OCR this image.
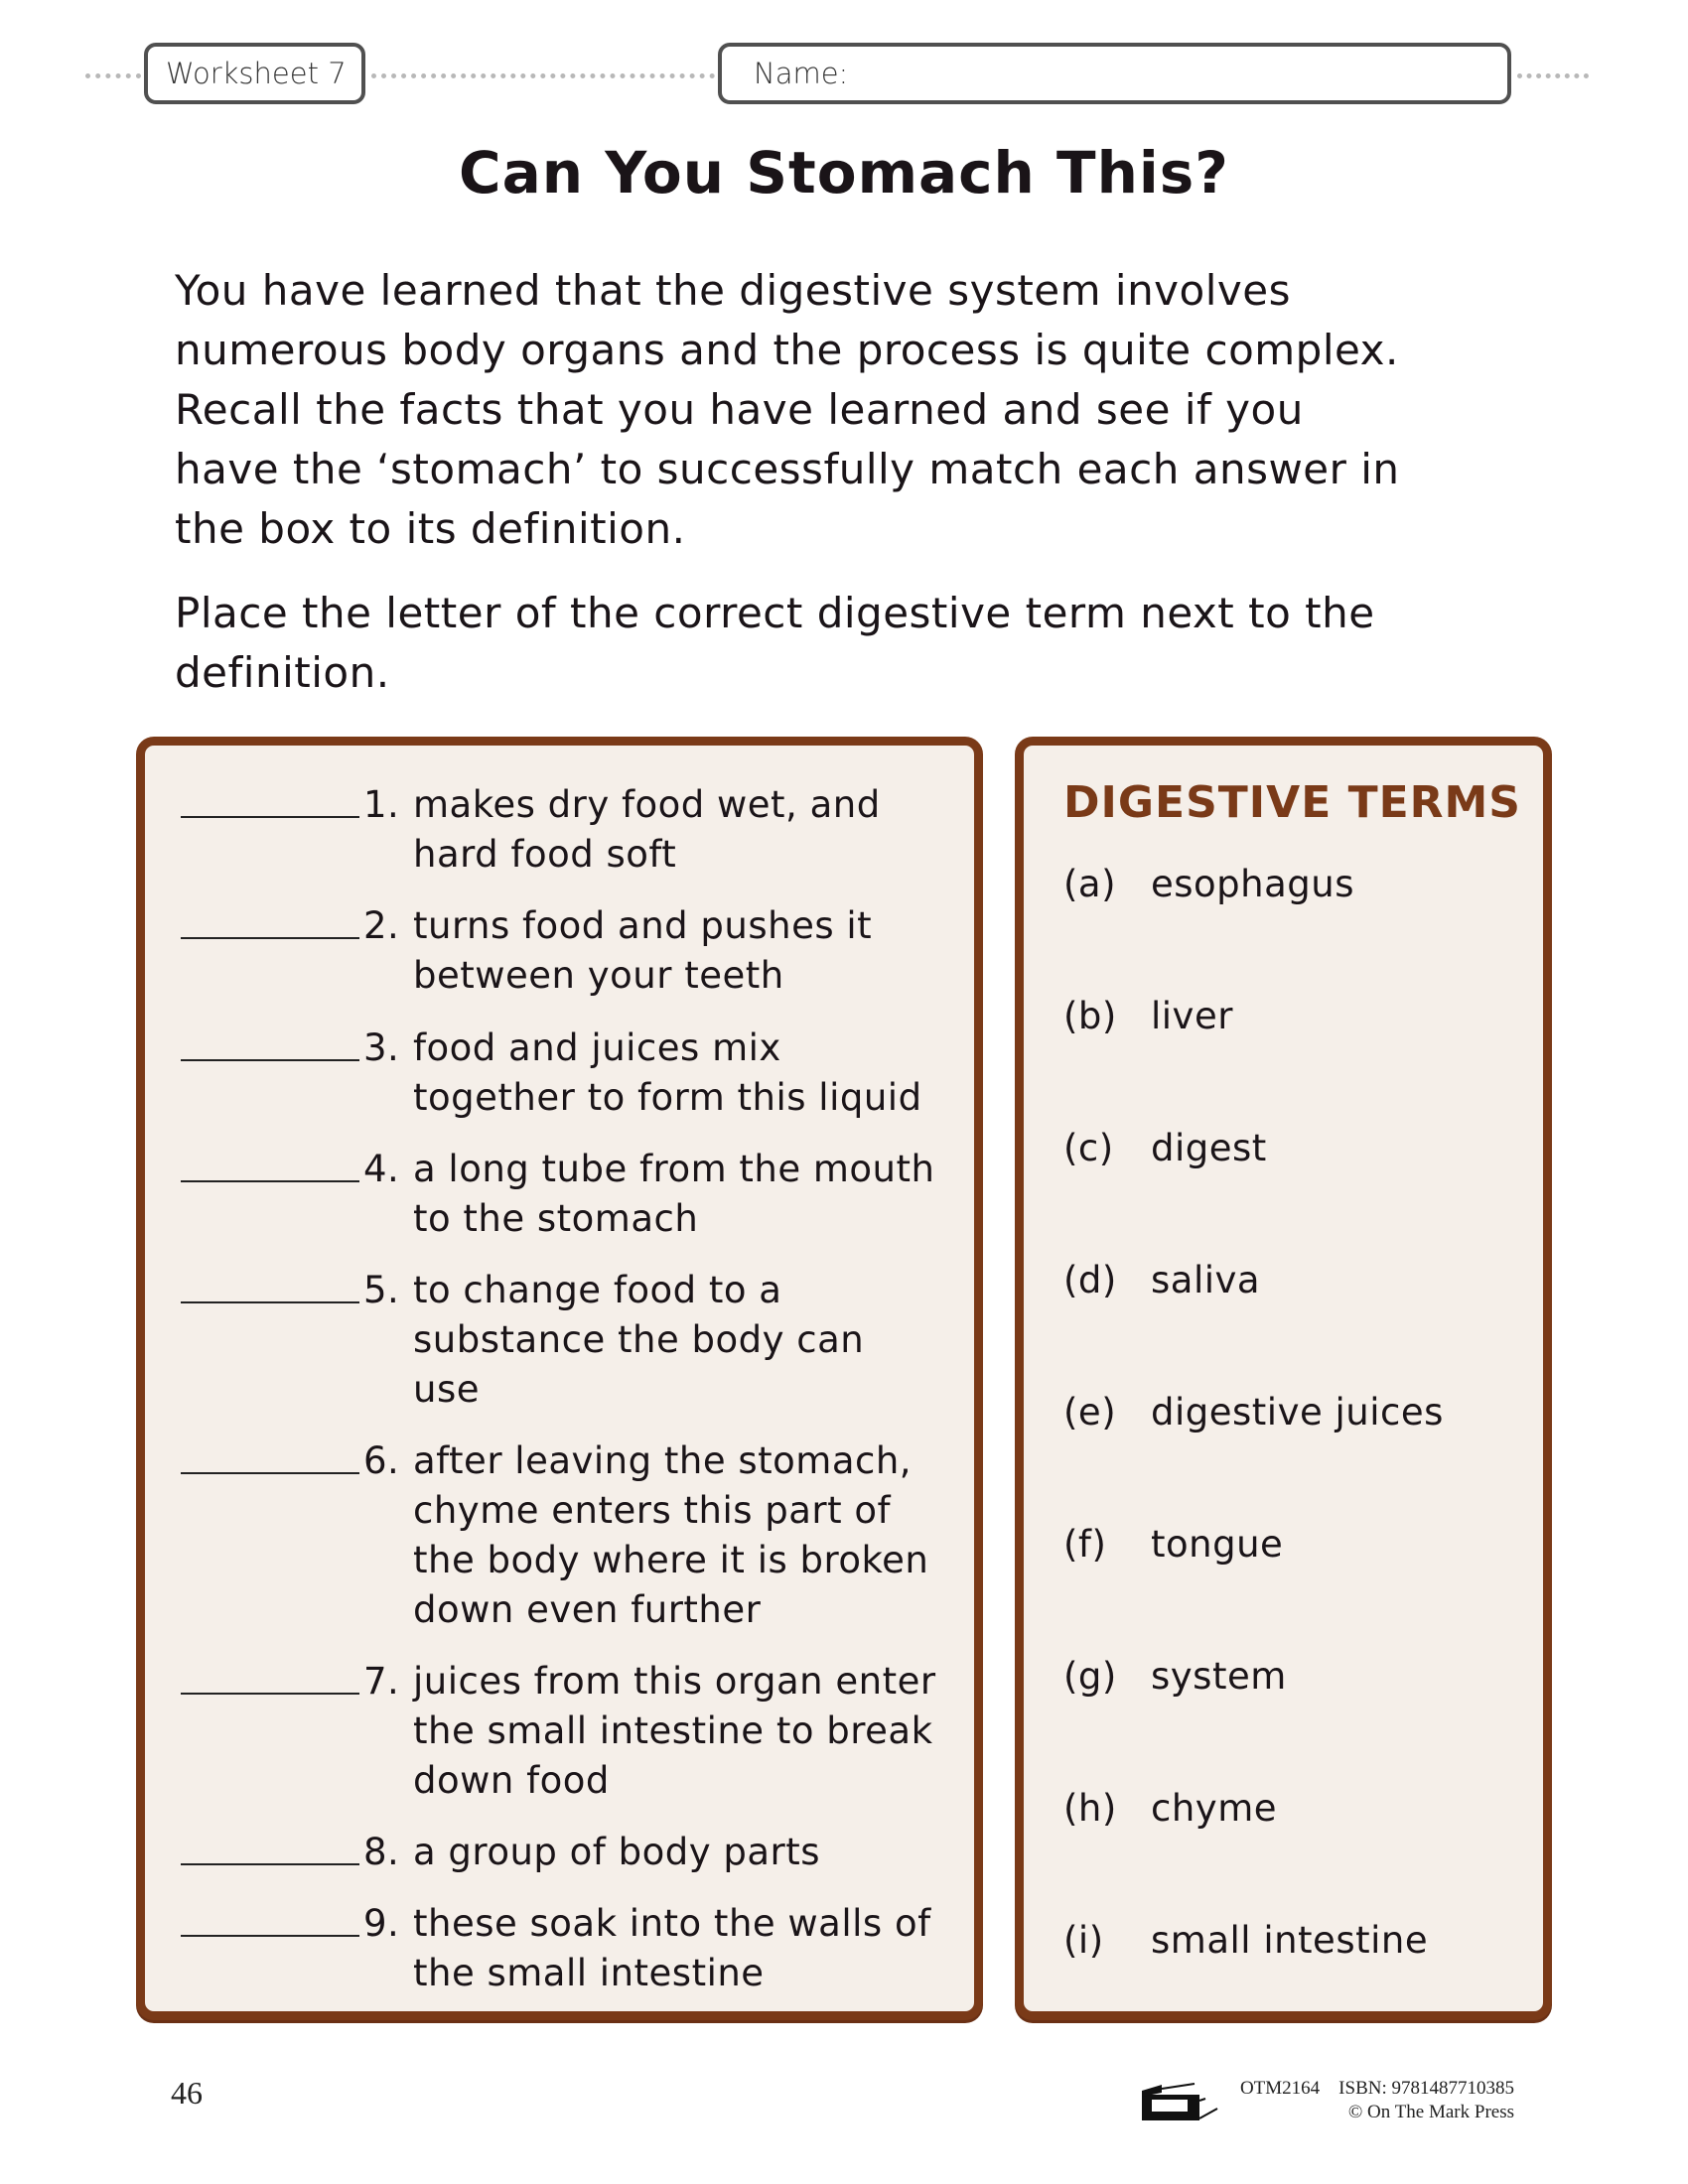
Worksheet 7	Name:
Can You Stomach This?
You have learned that the digestive system involves
numerous body organs and the process is quite complex.
Recall the facts that you have learned and see if you
have the ‘stomach’ to successfully match each answer in
the box to its definition.
Place the letter of the correct digestive term next to the
definition.
1. makes dry food wet, and
hard food soft
2. turns food and pushes it
between your teeth
3. food and juices mix
together to form this liquid
4. a long tube from the mouth
to the stomach
5. to change food to a
substance the body can
use
6. after leaving the stomach,
chyme enters this part of
the body where it is broken
down even further
7. juices from this organ enter
the small intestine to break
down food
8. a group of body parts
9. these soak into the walls of
the small intestine
DIGESTIVE TERMS
(a) esophagus
(b) liver
(c)	digest
(d) saliva
(e) digestive juices
(f)	tongue
(g) system
(h) chyme
(i)	small intestine
46	OTM2164 ISBN: 9781487710385
© On The Mark Press
